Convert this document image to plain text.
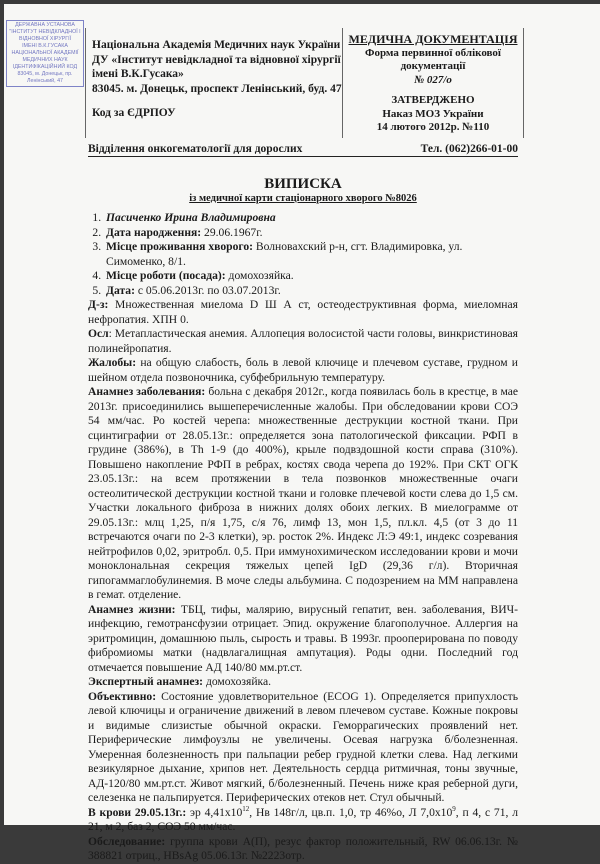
ДЕРЖАВНА УСТАНОВА
"ІНСТИТУТ НЕВІДКЛАДНОЇ І ВІДНОВНОЇ ХІРУРГІЇ
ІМЕНІ В.К.ГУСАКА
НАЦІОНАЛЬНОЇ АКАДЕМІЇ МЕДИЧНИХ НАУК
ІДЕНТИФІКАЦІЙНИЙ КОД
83045, м. Донецьк, пр. Ленінський, 47
Національна Академія Медичних наук України
ДУ «Інститут невідкладної та відновної хірургії імені В.К.Гусака»
83045. м. Донецьк, проспект Ленінський, буд. 47
Код за ЄДРПОУ
МЕДИЧНА ДОКУМЕНТАЦІЯ
Форма первинної облікової документації
№ 027/о
ЗАТВЕРДЖЕНО
Наказ МОЗ України
14 лютого 2012р. №110
Відділення онкогематології для дорослих	Тел. (062)266-01-00
ВИПИСКА
із медичної карти стаціонарного хворого №8026
1. Пасиченко Ирина Владимировна
2. Дата народження: 29.06.1967г.
3. Місце проживання хворого: Волновахский р-н, сгт. Владимировка, ул. Симоменко, 8/1.
4. Місце роботи (посада): домохозяйка.
5. Дата: с 05.06.2013г. по 03.07.2013г.

Д-з: Множественная миелома D Ш А ст, остеодеструктивная форма, миеломная нефропатия. ХПН 0.

Осл: Метапластическая анемия. Аллопеция волосистой части головы, винкристиновая полинейропатия.

Жалобы: на общую слабость, боль в левой ключице и плечевом суставе, грудном и шейном отдела позвоночника, субфебрильную температуру.

Анамнез заболевания: больна с декабря 2012г., когда появилась боль в крестце, в мае 2013г. присоединились вышеперечисленные жалобы. При обследовании крови СОЭ 54 мм/час. Ро костей черепа: множественные деструкции костной ткани. При сцинтиграфии от 28.05.13г.: определяется зона патологической фиксации. РФП в грудине (386%), в Th 1-9 (до 400%), крыле подвздошной кости справа (310%). Повышено накопление РФП в ребрах, костях свода черепа до 192%. При СКТ ОГК 23.05.13г.: на всем протяжении в тела позвонков множественные очаги остеолитической деструкции костной ткани и головке плечевой кости слева до 1,5 см. Участки локального фиброза в нижних долях обоих легких. В миелограмме от 29.05.13г.: млц 1,25, п/я 1,75, с/я 76, лимф 13, мон 1,5, пл.кл. 4,5 (от 3 до 11 встречаются очаги по 2-3 клетки), эр. росток 2%. Индекс Л:Э 49:1, индекс созревания нейтрофилов 0,02, эритробл. 0,5. При иммунохимическом исследовании крови и мочи моноклональная секреция тяжелых цепей IgD (29,36 г/л). Вторичная гипогаммаглобулинемия. В моче следы альбумина. С подозрением на ММ направлена в гемат. отделение.

Анамнез жизни: ТБЦ, тифы, малярию, вирусный гепатит, вен. заболевания, ВИЧ-инфекцию, гемотрансфузии отрицает. Эпид. окружение благополучное. Аллергия на эритромицин, домашнюю пыль, сырость и травы. В 1993г. прооперирована по поводу фибромиомы матки (надвлагалищная ампутация). Роды одни. Последний год отмечается повышение АД 140/80 мм.рт.ст.

Экспертный анамнез: домохозяйка.

Объективно: Состояние удовлетворительное (ECOG 1). Определяется припухлость левой ключицы и ограничение движений в левом плечевом суставе. Кожные покровы и видимые слизистые обычной окраски. Геморрагических проявлений нет. Периферические лимфоузлы не увеличены. Осевая нагрузка б/болезненная. Умеренная болезненность при пальпации ребер грудной клетки слева. Над легкими везикулярное дыхание, хрипов нет. Деятельность сердца ритмичная, тоны звучные, АД-120/80 мм.рт.ст. Живот мягкий, б/болезненный. Печень ниже края реберной дуги, селезенка не пальпируется. Периферических отеков нет. Стул обычный.

В крови 29.05.13г.: эр $4,41x10^{12}$, Нв 148г/л, цв.п. 1,0, тр 46%о, Л $7,0x10^9$, п 4, с 71, л 21, м 2, баз 2, СОЭ 50 мм/час.

Обследование: группа крови А(П), резус фактор положительный, RW 06.06.13г. № 388821 отриц., HBsAg 05.06.13г. №2223отр.
